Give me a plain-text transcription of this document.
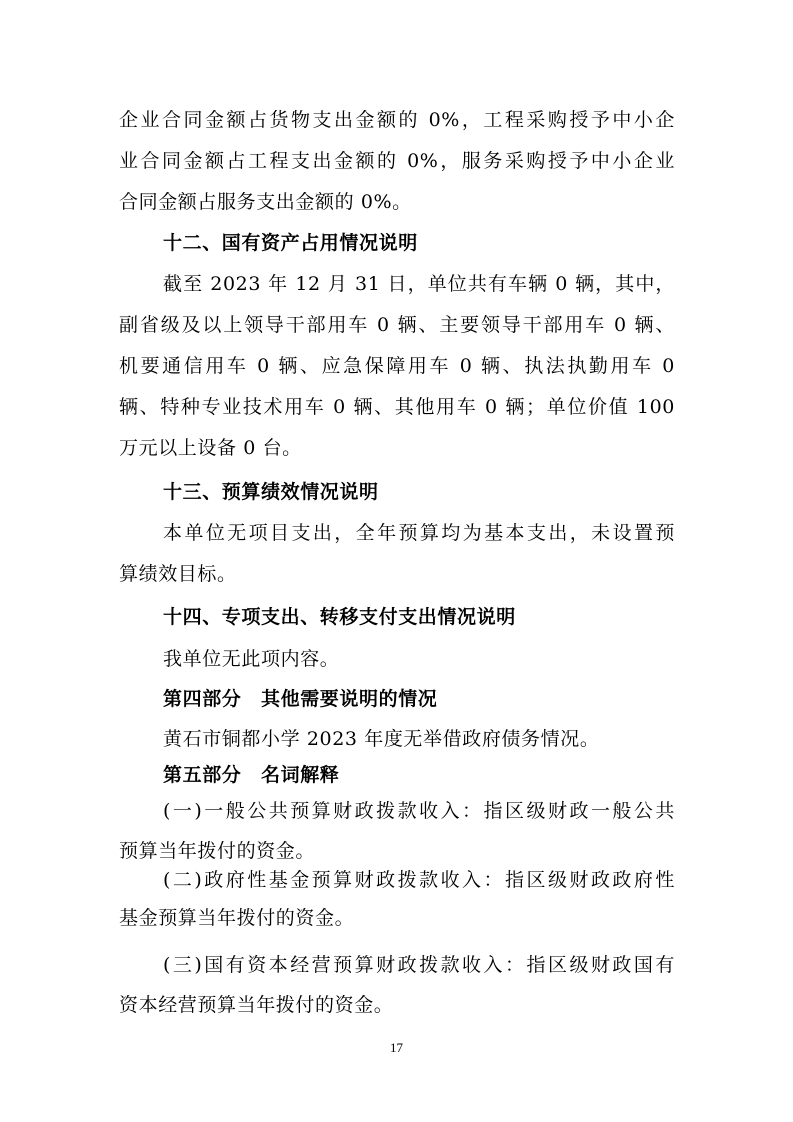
企业合同金额占货物支出金额的 0%，工程采购授予中小企
业合同金额占工程支出金额的 0%，服务采购授予中小企业
合同金额占服务支出金额的 0%。
十二、国有资产占用情况说明
截至 2023 年 12 月 31 日，单位共有车辆 0 辆，其中，
副省级及以上领导干部用车 0 辆、主要领导干部用车 0 辆、
机要通信用车 0 辆、应急保障用车 0 辆、执法执勤用车 0
辆、特种专业技术用车 0 辆、其他用车 0 辆；单位价值 100
万元以上设备 0 台。
十三、预算绩效情况说明
本单位无项目支出，全年预算均为基本支出，未设置预
算绩效目标。
十四、专项支出、转移支付支出情况说明
我单位无此项内容。
第四部分　其他需要说明的情况
黄石市铜都小学 2023 年度无举借政府债务情况。
第五部分　名词解释
(一)一般公共预算财政拨款收入：指区级财政一般公共
预算当年拨付的资金。
(二)政府性基金预算财政拨款收入：指区级财政政府性
基金预算当年拨付的资金。
(三)国有资本经营预算财政拨款收入：指区级财政国有
资本经营预算当年拨付的资金。
17
